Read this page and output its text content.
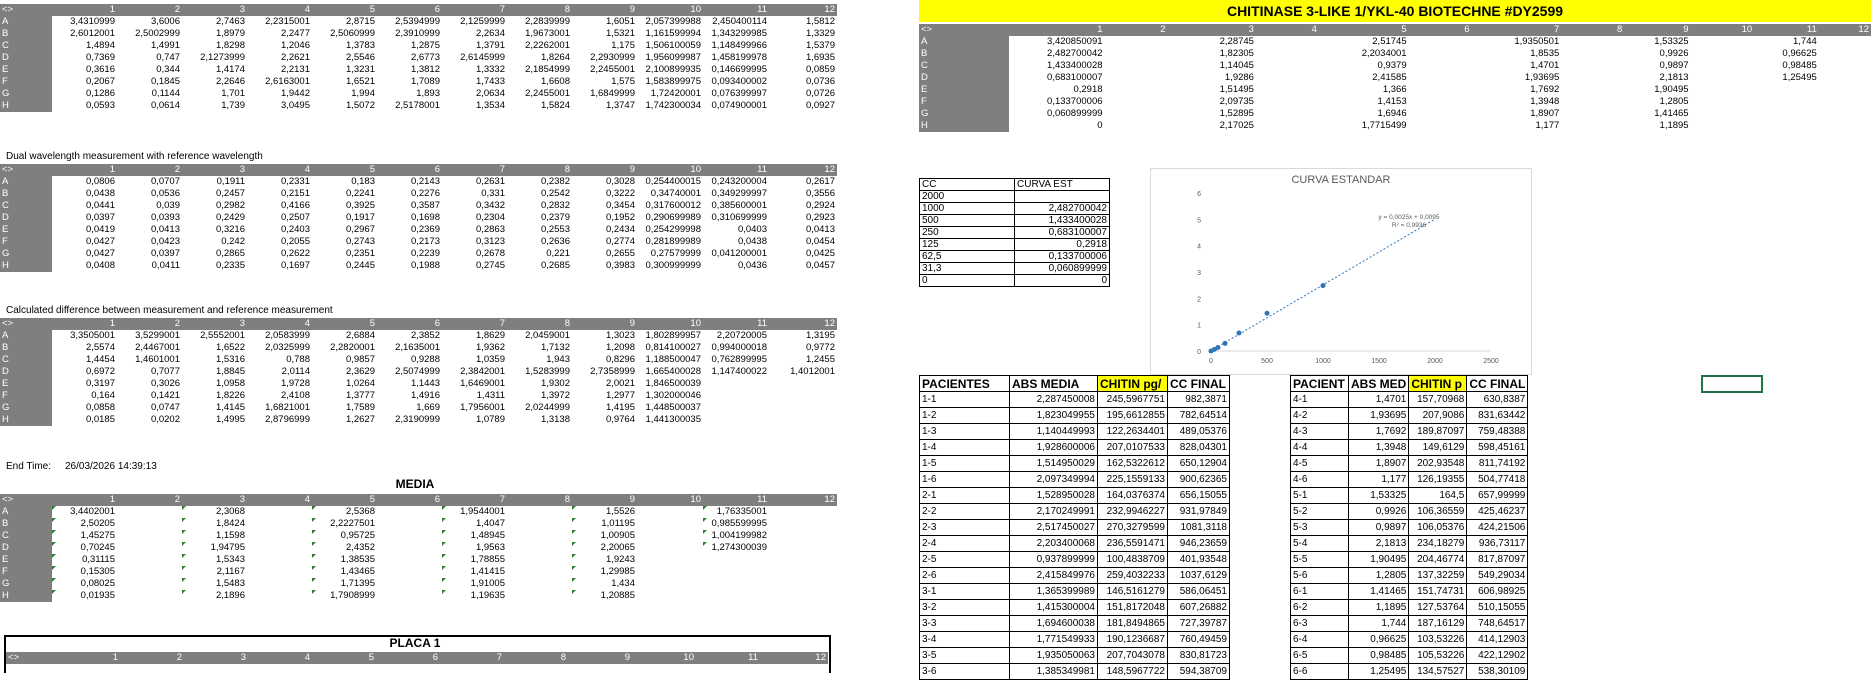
<>	1	2	3	4	5	6	7	8	9	10	11	12
A	3,4310999	3,6006	2,7463	2,2315001	2,8715	2,5394999	2,1259999	2,2839999	1,6051	2,057399988	2,450400114	1,5812
B	2,6012001	2,5002999	1,8979	2,2477	2,5060999	2,3910999	2,2634	1,9673001	1,5321	1,161599994	1,343299985	1,3329
C	1,4894	1,4991	1,8298	1,2046	1,3783	1,2875	1,3791	2,2262001	1,175	1,506100059	1,148499966	1,5379
D	0,7369	0,747	2,1273999	2,2621	2,5546	2,6773	2,6145999	1,8264	2,2930999	1,956099987	1,458199978	1,6935
E	0,3616	0,344	1,4174	2,2131	1,3231	1,3812	1,3332	2,1854999	2,2455001	2,100899935	0,146699995	0,0859
F	0,2067	0,1845	2,2646	2,6163001	1,6521	1,7089	1,7433	1,6608	1,575	1,583899975	0,093400002	0,0736
G	0,1286	0,1144	1,701	1,9442	1,994	1,893	2,0634	2,2455001	1,6849999	1,72420001	0,076399997	0,0726
H	0,0593	0,0614	1,739	3,0495	1,5072	2,5178001	1,3534	1,5824	1,3747	1,742300034	0,074900001	0,0927
Dual wavelength measurement with reference wavelength
<>	1	2	3	4	5	6	7	8	9	10	11	12
A	0,0806	0,0707	0,1911	0,2331	0,183	0,2143	0,2631	0,2382	0,3028	0,254400015	0,243200004	0,2617
B	0,0438	0,0536	0,2457	0,2151	0,2241	0,2276	0,331	0,2542	0,3222	0,34740001	0,349299997	0,3556
C	0,0441	0,039	0,2982	0,4166	0,3925	0,3587	0,3432	0,2832	0,3454	0,317600012	0,385600001	0,2924
D	0,0397	0,0393	0,2429	0,2507	0,1917	0,1698	0,2304	0,2379	0,1952	0,290699989	0,310699999	0,2923
E	0,0419	0,0413	0,3216	0,2403	0,2967	0,2369	0,2863	0,2553	0,2434	0,254299998	0,0403	0,0413
F	0,0427	0,0423	0,242	0,2055	0,2743	0,2173	0,3123	0,2636	0,2774	0,281899989	0,0438	0,0454
G	0,0427	0,0397	0,2865	0,2622	0,2351	0,2239	0,2678	0,221	0,2655	0,27579999	0,041200001	0,0425
H	0,0408	0,0411	0,2335	0,1697	0,2445	0,1988	0,2745	0,2685	0,3983	0,300999999	0,0436	0,0457
Calculated difference between measurement and reference measurement
<>	1	2	3	4	5	6	7	8	9	10	11	12
A	3,3505001	3,5299001	2,5552001	2,0583999	2,6884	2,3852	1,8629	2,0459001	1,3023	1,802899957	2,20720005	1,3195
B	2,5574	2,4467001	1,6522	2,0325999	2,2820001	2,1635001	1,9362	1,7132	1,2098	0,814100027	0,994000018	0,9772
C	1,4454	1,4601001	1,5316	0,788	0,9857	0,9288	1,0359	1,943	0,8296	1,188500047	0,762899995	1,2455
D	0,6972	0,7077	1,8845	2,0114	2,3629	2,5074999	2,3842001	1,5283999	2,7358999	1,665400028	1,147400022	1,4012001
E	0,3197	0,3026	1,0958	1,9728	1,0264	1,1443	1,6469001	1,9302	2,0021	1,846500039		
F	0,164	0,1421	1,8226	2,4108	1,3777	1,4916	1,4311	1,3972	1,2977	1,302000046		
G	0,0858	0,0747	1,4145	1,6821001	1,7589	1,669	1,7956001	2,0244999	1,4195	1,448500037		
H	0,0185	0,0202	1,4995	2,8796999	1,2627	2,3190999	1,0789	1,3138	0,9764	1,441300035		
End Time: 26/03/2026 14:39:13
MEDIA
<>	1	2	3	4	5	6	7	8	9	10	11	12
A	3,4402001		2,3068		2,5368		1,9544001		1,5526		1,76335001

B	2,50205		1,8424		2,2227501		1,4047		1,01195		0,985599995

C	1,45275		1,1598		0,95725		1,48945		1,00905		1,004199982

D	0,70245		1,94795		2,4352		1,9563		2,20065		1,274300039

E	0,31115		1,5343		1,38535		1,78855		1,9243

F	0,15305		2,1167		1,43465		1,41415		1,29985

G	0,08025		1,5483		1,71395		1,91005		1,434

H	0,01935		2,1896		1,7908999		1,19635		1,20885

PLACA 1
<>	1	2	3	4	5	6	7	8	9	10	11	12
CHITINASE 3-LIKE 1/YKL-40 BIOTECHNE #DY2599
<>	1	2	3	4	5	6	7	8	9	10	11	12
A	3,420850091		2,28745		2,51745		1,9350501		1,53325		1,744	
B	2,482700042		1,82305		2,2034001		1,8535		0,9926		0,96625	
C	1,433400028		1,14045		0,9379		1,4701		0,9897		0,98485	
D	0,683100007		1,9286		2,41585		1,93695		2,1813		1,25495	
E	0,2918		1,51495		1,366		1,7692		1,90495			
F	0,133700006		2,09735		1,4153		1,3948		1,2805			
G	0,060899999		1,52895		1,6946		1,8907		1,41465			
H	0		2,17025		1,7715499		1,177		1,1895			
CC	CURVA EST
2000	
1000	2,482700042
500	1,433400028
250	0,683100007
125	0,2918
62,5	0,133700006
31,3	0,060899999
0	0
CURVA ESTANDAR
0
1
2
3
4
5
6
0	500	1000	1500	2000	2500
y = 0,0025x + 0,0095
R² = 0,9936
PACIENTES	ABS MEDIA	CHITIN pg/	CC FINAL
1-1	2,287450008	245,5967751	982,3871
1-2	1,823049955	195,6612855	782,64514
1-3	1,140449993	122,2634401	489,05376
1-4	1,928600006	207,0107533	828,04301
1-5	1,514950029	162,5322612	650,12904
1-6	2,097349994	225,1559133	900,62365
2-1	1,528950028	164,0376374	656,15055
2-2	2,170249991	232,9946227	931,97849
2-3	2,517450027	270,3279599	1081,3118
2-4	2,203400068	236,5591471	946,23659
2-5	0,937899999	100,4838709	401,93548
2-6	2,415849976	259,4032233	1037,6129
3-1	1,365399989	146,5161279	586,06451
3-2	1,415300004	151,8172048	607,26882
3-3	1,694600038	181,8494865	727,39787
3-4	1,771549933	190,1236687	760,49459
3-5	1,935050063	207,7043078	830,81723
3-6	1,385349981	148,5967722	594,38709
PACIENT	ABS MED	CHITIN p	CC FINAL
4-1	1,4701	157,70968	630,8387
4-2	1,93695	207,9086	831,63442
4-3	1,7692	189,87097	759,48388
4-4	1,3948	149,6129	598,45161
4-5	1,8907	202,93548	811,74192
4-6	1,177	126,19355	504,77418
5-1	1,53325	164,5	657,99999
5-2	0,9926	106,36559	425,46237
5-3	0,9897	106,05376	424,21506
5-4	2,1813	234,18279	936,73117
5-5	1,90495	204,46774	817,87097
5-6	1,2805	137,32259	549,29034
6-1	1,41465	151,74731	606,98925
6-2	1,1895	127,53764	510,15055
6-3	1,744	187,16129	748,64517
6-4	0,96625	103,53226	414,12903
6-5	0,98485	105,53226	422,12902
6-6	1,25495	134,57527	538,30109
